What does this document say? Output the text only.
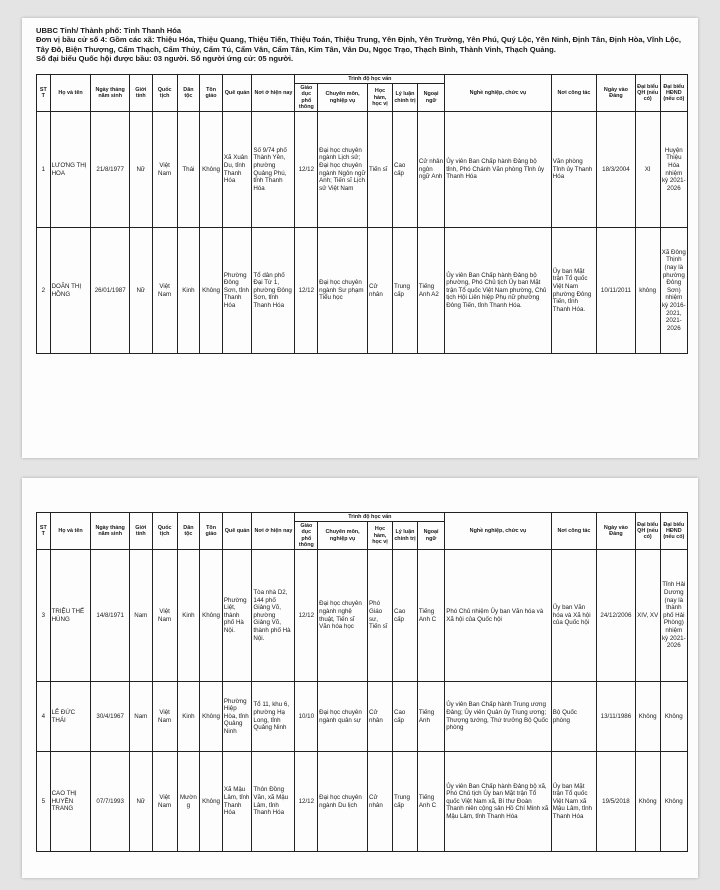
UBBC Tỉnh/ Thành phố: Tỉnh Thanh Hóa
Đơn vị bầu cử số 4: Gồm các xã: Thiệu Hóa, Thiệu Quang, Thiệu Tiến, Thiệu Toán, Thiệu Trung, Yên Định, Yên Trường, Yên Phú, Quý Lộc, Yên Ninh, Định Tân, Định Hòa, Vĩnh Lộc, Tây Đô, Biện Thượng, Cẩm Thạch, Cẩm Thủy, Cẩm Tú, Cẩm Vân, Cẩm Tân, Kim Tân, Vân Du, Ngọc Trạo, Thạch Bình, Thành Vinh, Thạch Quảng.
Số đại biểu Quốc hội được bầu: 03 người. Số người ứng cử: 05 người.
ST T	Họ và tên	Ngày tháng năm sinh	Giới tính	Quốc tịch	Dân tộc	Tôn giáo	Quê quán	Nơi ở hiện nay	Trình độ học vấn					Nghề nghiệp, chức vụ	Nơi công tác	Ngày vào Đảng	Đại biểu QH (nếu có)	Đại biểu HĐND (nếu có)
									Giáo dục phổ thông	Chuyên môn, nghiệp vụ	Học hàm, học vị	Lý luận chính trị	Ngoại ngữ					
1	LƯƠNG THỊ HOA	21/8/1977	Nữ	Việt Nam	Thái	Không	Xã Xuân Du, tỉnh Thanh Hóa	Số 9/74 phố Thành Yên, phường Quảng Phú, tỉnh Thanh Hóa	12/12	Đại học chuyên ngành Lịch sử; Đại học chuyên ngành Ngôn ngữ Anh; Tiến sĩ Lịch sử Việt Nam	Tiến sĩ	Cao cấp	Cử nhân ngôn ngữ Anh	Ủy viên Ban Chấp hành Đảng bộ tỉnh, Phó Chánh Văn phòng Tỉnh ủy Thanh Hóa	Văn phòng Tỉnh ủy Thanh Hóa	18/3/2004	XI	Huyện Thiệu Hóa nhiệm kỳ 2021-2026
2	DOÃN THỊ HỒNG	26/01/1987	Nữ	Việt Nam	Kinh	Không	Phường Đông Sơn, tỉnh Thanh Hóa	Tổ dân phố Đại Từ 1, phường Đông Sơn, tỉnh Thanh Hóa	12/12	Đại học chuyên ngành Sư phạm Tiểu học	Cử nhân	Trung cấp	Tiếng Anh A2	Ủy viên Ban Chấp hành Đảng bộ phường, Phó Chủ tịch Ủy ban Mặt trận Tổ quốc Việt Nam phường, Chủ tịch Hội Liên hiệp Phụ nữ phường Đông Tiến, tỉnh Thanh Hóa.	Ủy ban Mặt trận Tổ quốc Việt Nam phường Đông Tiến, tỉnh Thanh Hóa.	10/11/2011	không	Xã Đông Thịnh (nay là phường Đông Sơn) nhiệm kỳ 2016-2021, 2021-2026
ST T	Họ và tên	Ngày tháng năm sinh	Giới tính	Quốc tịch	Dân tộc	Tôn giáo	Quê quán	Nơi ở hiện nay	Trình độ học vấn					Nghề nghiệp, chức vụ	Nơi công tác	Ngày vào Đảng	Đại biểu QH (nếu có)	Đại biểu HĐND (nếu có)
									Giáo dục phổ thông	Chuyên môn, nghiệp vụ	Học hàm, học vị	Lý luận chính trị	Ngoại ngữ					
3	TRIỆU THẾ HÙNG	14/8/1971	Nam	Việt Nam	Kinh	Không	Phường Liệt, thành phố Hà Nội.	Tòa nhà D2, 144 phố Giảng Võ, phường Giảng Võ, thành phố Hà Nội.	12/12	Đại học chuyên ngành nghệ thuật, Tiến sĩ Văn hóa học	Phó Giáo sư, Tiến sĩ	Cao cấp	Tiếng Anh C	Phó Chủ nhiệm Ủy ban Văn hóa và Xã hội của Quốc hội	Ủy ban Văn hóa và Xã hội của Quốc hội	24/12/2006	XIV, XV	Tỉnh Hải Dương (nay là thành phố Hải Phòng) nhiệm kỳ 2021-2026
4	LÊ ĐỨC THÁI	30/4/1967	Nam	Việt Nam	Kinh	Không	Phường Hiệp Hòa, tỉnh Quảng Ninh	Tổ 11, khu 6, phường Hạ Long, tỉnh Quảng Ninh	10/10	Đại học chuyên ngành quân sự	Cử nhân	Cao cấp	Tiếng Anh	Ủy viên Ban Chấp hành Trung ương Đảng; Ủy viên Quân ủy Trung ương; Thượng tướng, Thứ trưởng Bộ Quốc phòng	Bộ Quốc phòng	13/11/1986	Không	Không
5	CAO THỊ HUYỀN TRANG	07/7/1993	Nữ	Việt Nam	Mường	Không	Xã Mậu Lâm, tỉnh Thanh Hóa	Thôn Đồng Văn, xã Mậu Lâm, tỉnh Thanh Hóa	12/12	Đại học chuyên ngành Du lịch	Cử nhân	Trung cấp	Tiếng Anh C	Ủy viên Ban Chấp hành Đảng bộ xã, Phó Chủ tịch Ủy ban Mặt trận Tổ quốc Việt Nam xã, Bí thư Đoàn Thanh niên cộng sản Hồ Chí Minh xã Mậu Lâm, tỉnh Thanh Hóa	Ủy ban Mặt trận Tổ quốc Việt Nam xã Mậu Lâm, tỉnh Thanh Hóa	19/5/2018	Không	Không
